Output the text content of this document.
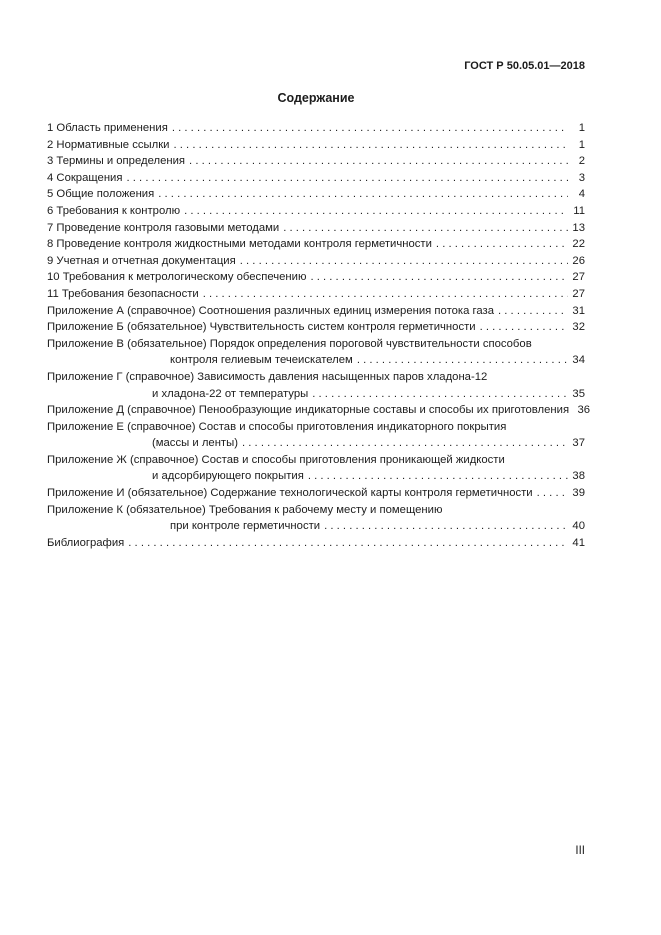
ГОСТ Р 50.05.01—2018
Содержание
1 Область применения . . .	1
2 Нормативные ссылки . . .	1
3 Термины и определения . . .	2
4 Сокращения . . .	3
5 Общие положения . . .	4
6 Требования к контролю . . .	11
7 Проведение контроля газовыми методами . . .	13
8 Проведение контроля жидкостными методами контроля герметичности . . .	22
9 Учетная и отчетная документация . . .	26
10 Требования к метрологическому обеспечению . . .	27
11 Требования безопасности . . .	27
Приложение А (справочное) Соотношения различных единиц измерения потока газа . . .	31
Приложение Б (обязательное) Чувствительность систем контроля герметичности . . .	32
Приложение В (обязательное) Порядок определения пороговой чувствительности способов
контроля гелиевым течеискателем . . .	34
Приложение Г (справочное) Зависимость давления насыщенных паров хладона-12
и хладона-22 от температуры . . .	35
Приложение Д (справочное) Пенообразующие индикаторные составы и способы их приготовления 36
Приложение Е (справочное) Состав и способы приготовления индикаторного покрытия
(массы и ленты) . . .	37
Приложение Ж (справочное) Состав и способы приготовления проникающей жидкости
и адсорбирующего покрытия . . .	38
Приложение И (обязательное) Содержание технологической карты контроля герметичности . . .	39
Приложение К (обязательное) Требования к рабочему месту и помещению
при контроле герметичности . . .	40
Библиография . . .	41
III
